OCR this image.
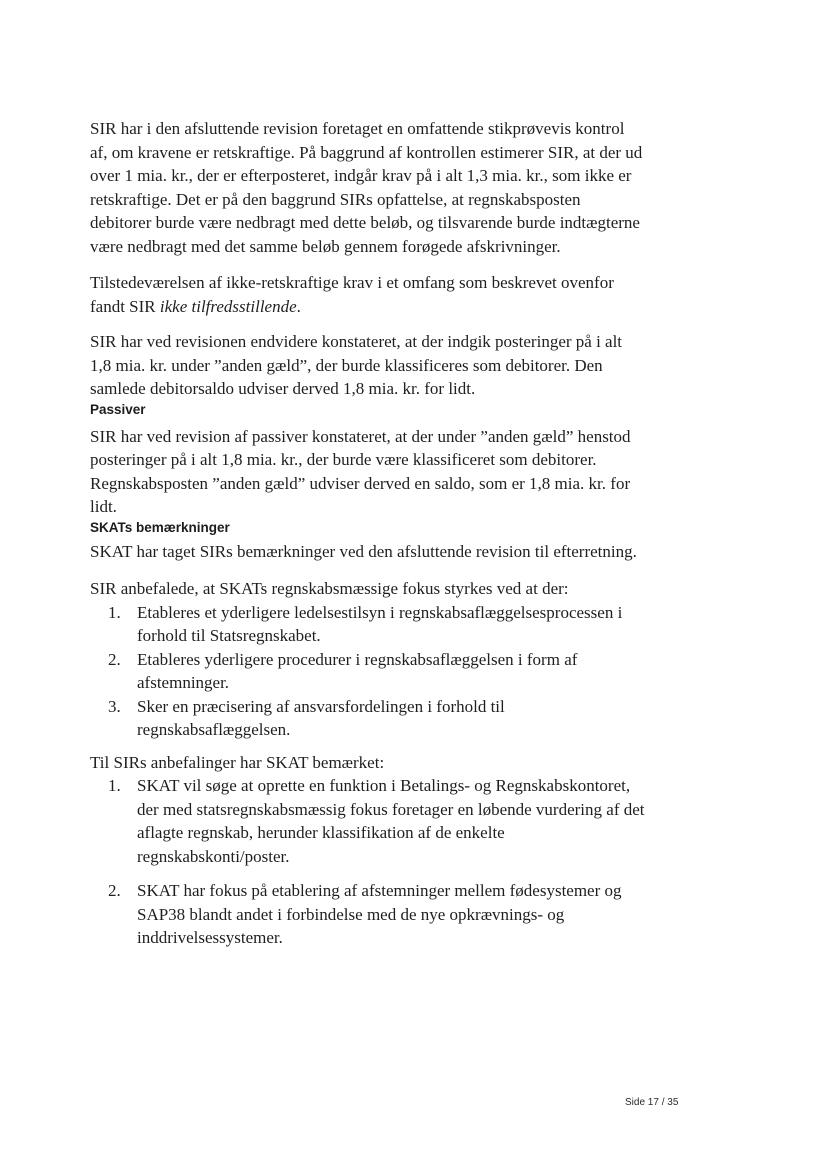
SIR har i den afsluttende revision foretaget en omfattende stikprøvevis kontrol af, om kravene er retskraftige. På baggrund af kontrollen estimerer SIR, at der ud over 1 mia. kr., der er efterposteret, indgår krav på i alt 1,3 mia. kr., som ikke er retskraftige. Det er på den baggrund SIRs opfattelse, at regnskabsposten debitorer burde være nedbragt med dette beløb, og tilsvarende burde indtægterne være nedbragt med det samme beløb gennem forøgede afskrivninger.

Tilstedeværelsen af ikke-retskraftige krav i et omfang som beskrevet ovenfor fandt SIR ikke tilfredsstillende.

SIR har ved revisionen endvidere konstateret, at der indgik posteringer på i alt 1,8 mia. kr. under ”anden gæld”, der burde klassificeres som debitorer. Den samlede debitorsaldo udviser derved 1,8 mia. kr. for lidt.

Passiver

SIR har ved revision af passiver konstateret, at der under ”anden gæld” henstod posteringer på i alt 1,8 mia. kr., der burde være klassificeret som debitorer. Regnskabsposten ”anden gæld” udviser derved en saldo, som er 1,8 mia. kr. for lidt.

SKATs bemærkninger

SKAT har taget SIRs bemærkninger ved den afsluttende revision til efterretning.

SIR anbefalede, at SKATs regnskabsmæssige fokus styrkes ved at der:

Etableres et yderligere ledelsestilsyn i regnskabsaflæggelsesprocessen i forhold til Statsregnskabet.
Etableres yderligere procedurer i regnskabsaflæggelsen i form af afstemninger.
Sker en præcisering af ansvarsfordelingen i forhold til regnskabsaflæggelsen.

Til SIRs anbefalinger har SKAT bemærket:

SKAT vil søge at oprette en funktion i Betalings- og Regnskabskontoret, der med statsregnskabsmæssig fokus foretager en løbende vurdering af det aflagte regnskab, herunder klassifikation af de enkelte regnskabskonti/poster.
SKAT har fokus på etablering af afstemninger mellem fødesystemer og SAP38 blandt andet i forbindelse med de nye opkrævnings- og inddrivelsessystemer.
Side 17 / 35
